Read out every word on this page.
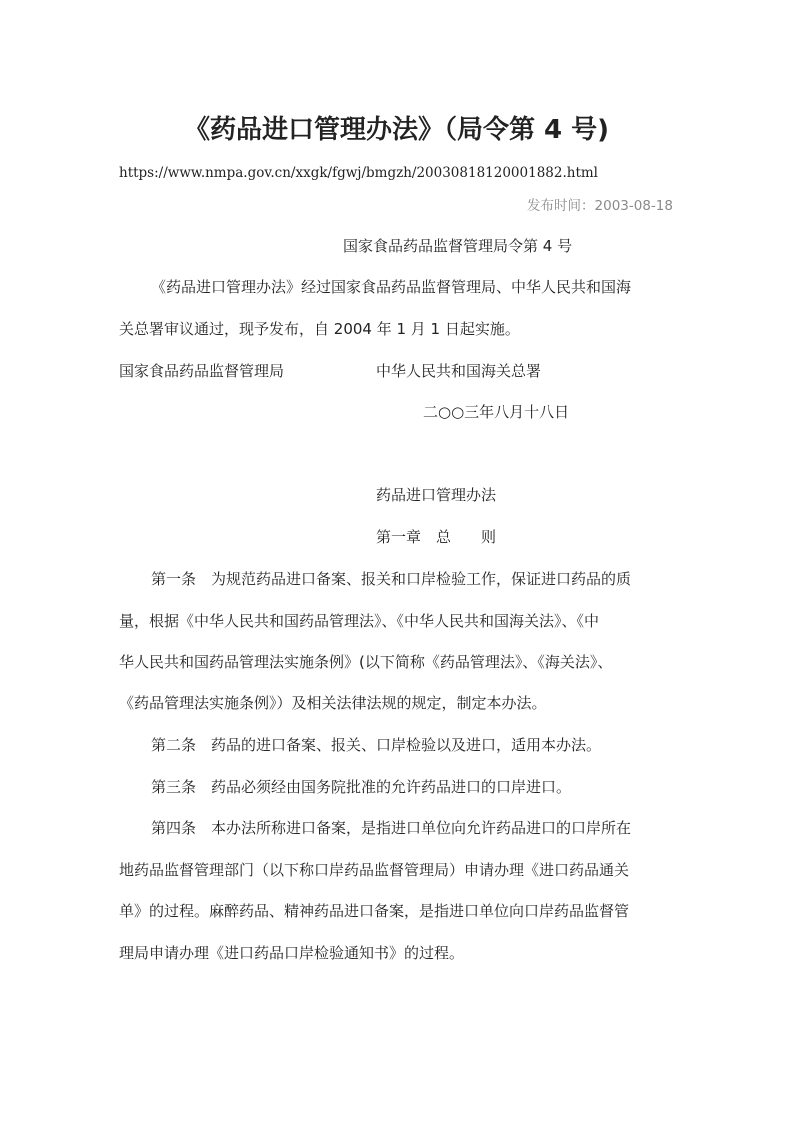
《药品进口管理办法》（局令第 4 号)
https://www.nmpa.gov.cn/xxgk/fgwj/bmgzh/20030818120001882.html
发布时间：2003-08-18
国家食品药品监督管理局令第 4 号
《药品进口管理办法》经过国家食品药品监督管理局、中华人民共和国海
关总署审议通过，现予发布，自 2004 年 1 月 1 日起实施。
国家食品药品监督管理局	中华人民共和国海关总署
二○○三年八月十八日
药品进口管理办法
第一章　总　　则
第一条　为规范药品进口备案、报关和口岸检验工作，保证进口药品的质
量，根据《中华人民共和国药品管理法》、《中华人民共和国海关法》、《中
华人民共和国药品管理法实施条例》(以下简称《药品管理法》、《海关法》、
《药品管理法实施条例》）及相关法律法规的规定，制定本办法。
第二条　药品的进口备案、报关、口岸检验以及进口，适用本办法。
第三条　药品必须经由国务院批准的允许药品进口的口岸进口。
第四条　本办法所称进口备案，是指进口单位向允许药品进口的口岸所在
地药品监督管理部门（以下称口岸药品监督管理局）申请办理《进口药品通关
单》的过程。麻醉药品、精神药品进口备案，是指进口单位向口岸药品监督管
理局申请办理《进口药品口岸检验通知书》的过程。
